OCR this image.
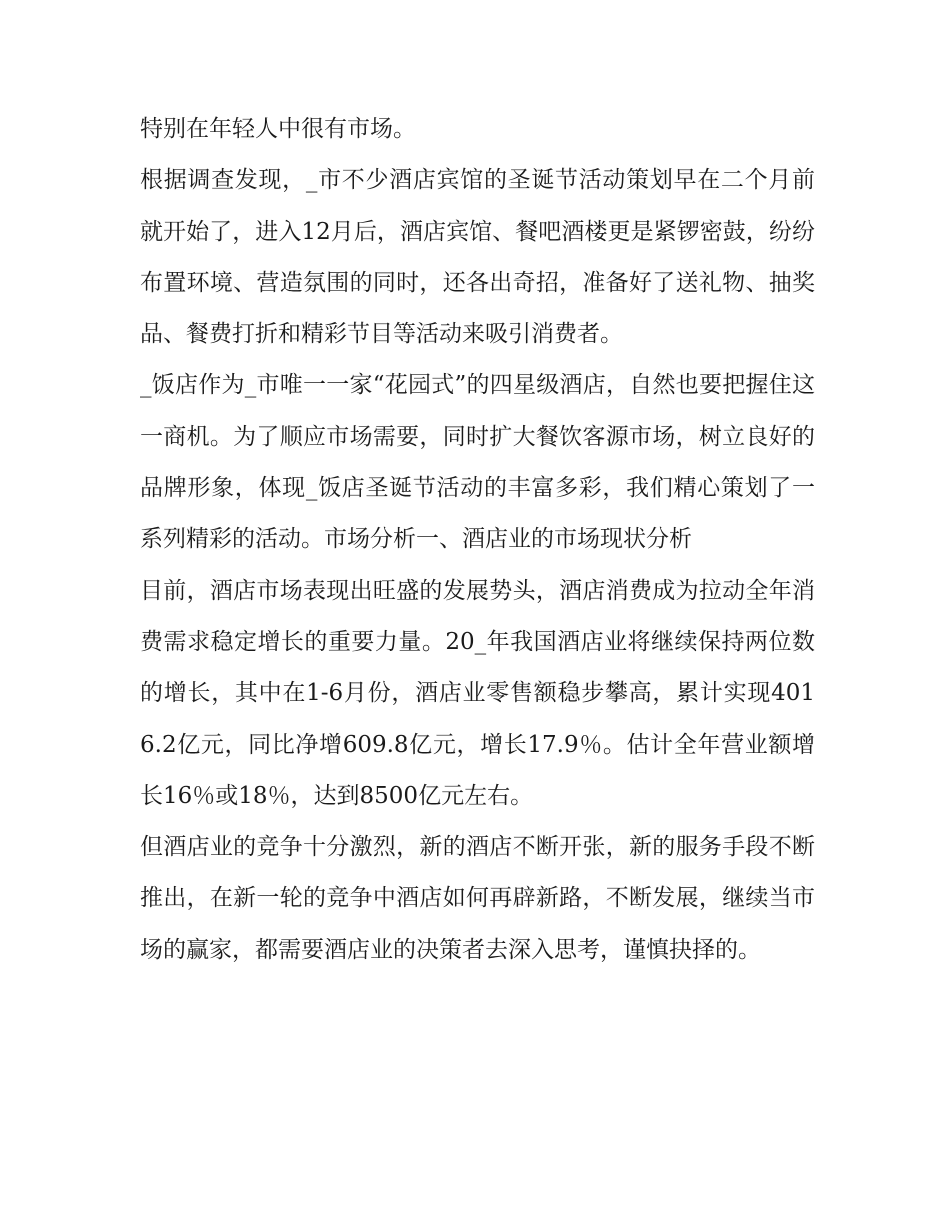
特别在年轻人中很有市场。

根据调查发现，_市不少酒店宾馆的圣诞节活动策划早在二个月前就开始了，进入12月后，酒店宾馆、餐吧酒楼更是紧锣密鼓，纷纷布置环境、营造氛围的同时，还各出奇招，准备好了送礼物、抽奖品、餐费打折和精彩节目等活动来吸引消费者。

_饭店作为_市唯一一家“花园式”的四星级酒店，自然也要把握住这一商机。为了顺应市场需要，同时扩大餐饮客源市场，树立良好的品牌形象，体现_饭店圣诞节活动的丰富多彩，我们精心策划了一系列精彩的活动。市场分析一、酒店业的市场现状分析

目前，酒店市场表现出旺盛的发展势头，酒店消费成为拉动全年消费需求稳定增长的重要力量。20_年我国酒店业将继续保持两位数的增长，其中在1-6月份，酒店业零售额稳步攀高，累计实现4016.2亿元，同比净增609.8亿元，增长17.9％。估计全年营业额增长16％或18％，达到8500亿元左右。

但酒店业的竞争十分激烈，新的酒店不断开张，新的服务手段不断推出，在新一轮的竞争中酒店如何再辟新路，不断发展，继续当市场的赢家，都需要酒店业的决策者去深入思考，谨慎抉择的。
